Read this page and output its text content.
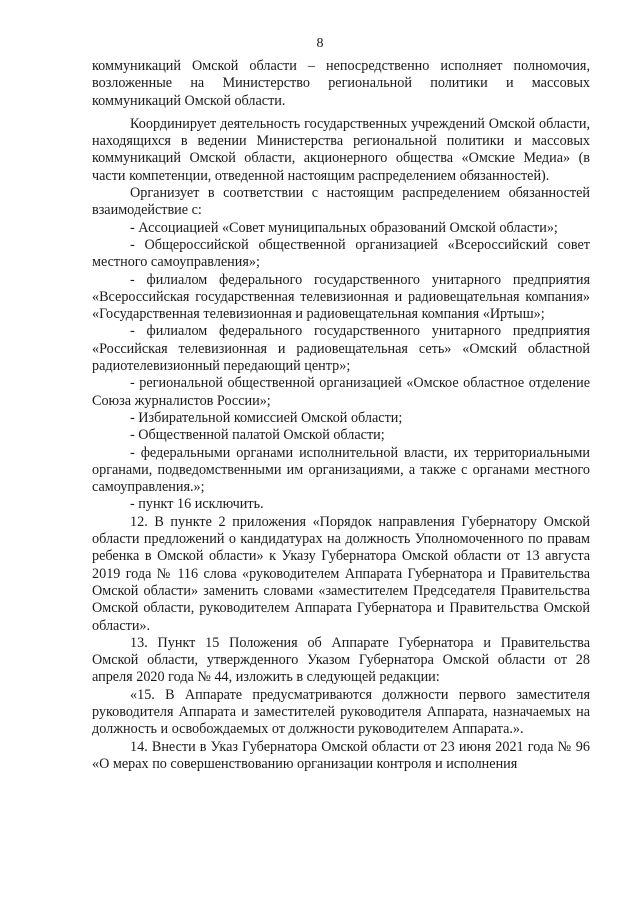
8

коммуникаций Омской области – непосредственно исполняет полномочия, возложенные на Министерство региональной политики и массовых коммуникаций Омской области.

Координирует деятельность государственных учреждений Омской области, находящихся в ведении Министерства региональной политики и массовых коммуникаций Омской области, акционерного общества «Омские Медиа» (в части компетенции, отведенной настоящим распределением обязанностей).

Организует в соответствии с настоящим распределением обязанностей взаимодействие с:

- Ассоциацией «Совет муниципальных образований Омской области»;

- Общероссийской общественной организацией «Всероссийский совет местного самоуправления»;

- филиалом федерального государственного унитарного предприятия «Всероссийская государственная телевизионная и радиовещательная компания» «Государственная телевизионная и радиовещательная компания «Иртыш»;

- филиалом федерального государственного унитарного предприятия «Российская телевизионная и радиовещательная сеть» «Омский областной радиотелевизионный передающий центр»;

- региональной общественной организацией «Омское областное отделение Союза журналистов России»;

- Избирательной комиссией Омской области;

- Общественной палатой Омской области;

- федеральными органами исполнительной власти, их территориальными органами, подведомственными им организациями, а также с органами местного самоуправления.»;

- пункт 16 исключить.

12. В пункте 2 приложения «Порядок направления Губернатору Омской области предложений о кандидатурах на должность Уполномоченного по правам ребенка в Омской области» к Указу Губернатора Омской области от 13 августа 2019 года № 116 слова «руководителем Аппарата Губернатора и Правительства Омской области» заменить словами «заместителем Председателя Правительства Омской области, руководителем Аппарата Губернатора и Правительства Омской области».

13. Пункт 15 Положения об Аппарате Губернатора и Правительства Омской области, утвержденного Указом Губернатора Омской области от 28 апреля 2020 года № 44, изложить в следующей редакции:

«15. В Аппарате предусматриваются должности первого заместителя руководителя Аппарата и заместителей руководителя Аппарата, назначаемых на должность и освобождаемых от должности руководителем Аппарата.».

14. Внести в Указ Губернатора Омской области от 23 июня 2021 года № 96 «О мерах по совершенствованию организации контроля и исполнения
